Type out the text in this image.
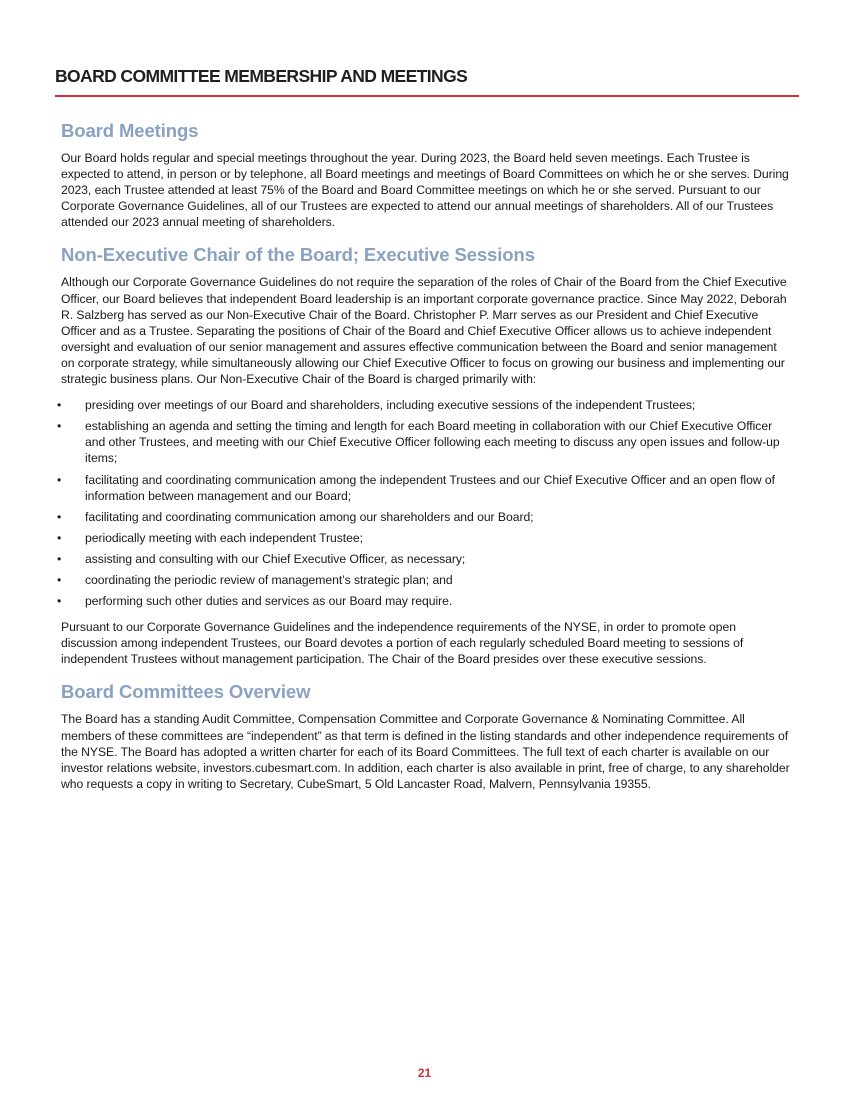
BOARD COMMITTEE MEMBERSHIP AND MEETINGS
Board Meetings

Our Board holds regular and special meetings throughout the year. During 2023, the Board held seven meetings. Each Trustee is expected to attend, in person or by telephone, all Board meetings and meetings of Board Committees on which he or she serves. During 2023, each Trustee attended at least 75% of the Board and Board Committee meetings on which he or she served. Pursuant to our Corporate Governance Guidelines, all of our Trustees are expected to attend our annual meetings of shareholders. All of our Trustees attended our 2023 annual meeting of shareholders.

Non-Executive Chair of the Board; Executive Sessions

Although our Corporate Governance Guidelines do not require the separation of the roles of Chair of the Board from the Chief Executive Officer, our Board believes that independent Board leadership is an important corporate governance practice. Since May 2022, Deborah R. Salzberg has served as our Non-Executive Chair of the Board. Christopher P. Marr serves as our President and Chief Executive Officer and as a Trustee. Separating the positions of Chair of the Board and Chief Executive Officer allows us to achieve independent oversight and evaluation of our senior management and assures effective communication between the Board and senior management on corporate strategy, while simultaneously allowing our Chief Executive Officer to focus on growing our business and implementing our strategic business plans. Our Non-Executive Chair of the Board is charged primarily with:

•	presiding over meetings of our Board and shareholders, including executive sessions of the independent Trustees;
•	establishing an agenda and setting the timing and length for each Board meeting in collaboration with our Chief Executive Officer and other Trustees, and meeting with our Chief Executive Officer following each meeting to discuss any open issues and follow-up items;
•	facilitating and coordinating communication among the independent Trustees and our Chief Executive Officer and an open flow of information between management and our Board;
•	facilitating and coordinating communication among our shareholders and our Board;
•	periodically meeting with each independent Trustee;
•	assisting and consulting with our Chief Executive Officer, as necessary;
•	coordinating the periodic review of management’s strategic plan; and
•	performing such other duties and services as our Board may require.

Pursuant to our Corporate Governance Guidelines and the independence requirements of the NYSE, in order to promote open discussion among independent Trustees, our Board devotes a portion of each regularly scheduled Board meeting to sessions of independent Trustees without management participation. The Chair of the Board presides over these executive sessions.

Board Committees Overview

The Board has a standing Audit Committee, Compensation Committee and Corporate Governance & Nominating Committee. All members of these committees are “independent” as that term is defined in the listing standards and other independence requirements of the NYSE. The Board has adopted a written charter for each of its Board Committees. The full text of each charter is available on our investor relations website, investors.cubesmart.com. In addition, each charter is also available in print, free of charge, to any shareholder who requests a copy in writing to Secretary, CubeSmart, 5 Old Lancaster Road, Malvern, Pennsylvania 19355.

21
